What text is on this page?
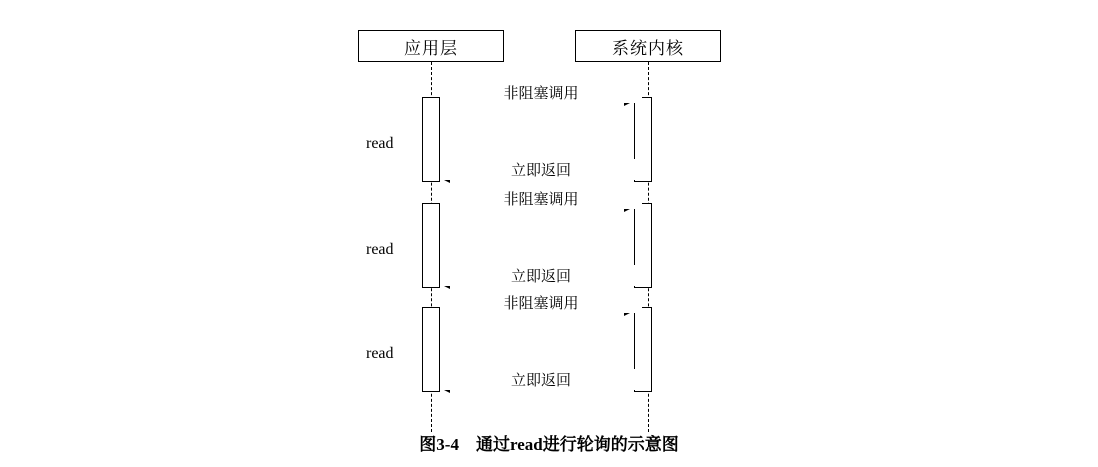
应用层	系统内核
read
非阻塞调用
立即返回
read
非阻塞调用
立即返回
read
非阻塞调用
立即返回
图3-4　通过read进行轮询的示意图
